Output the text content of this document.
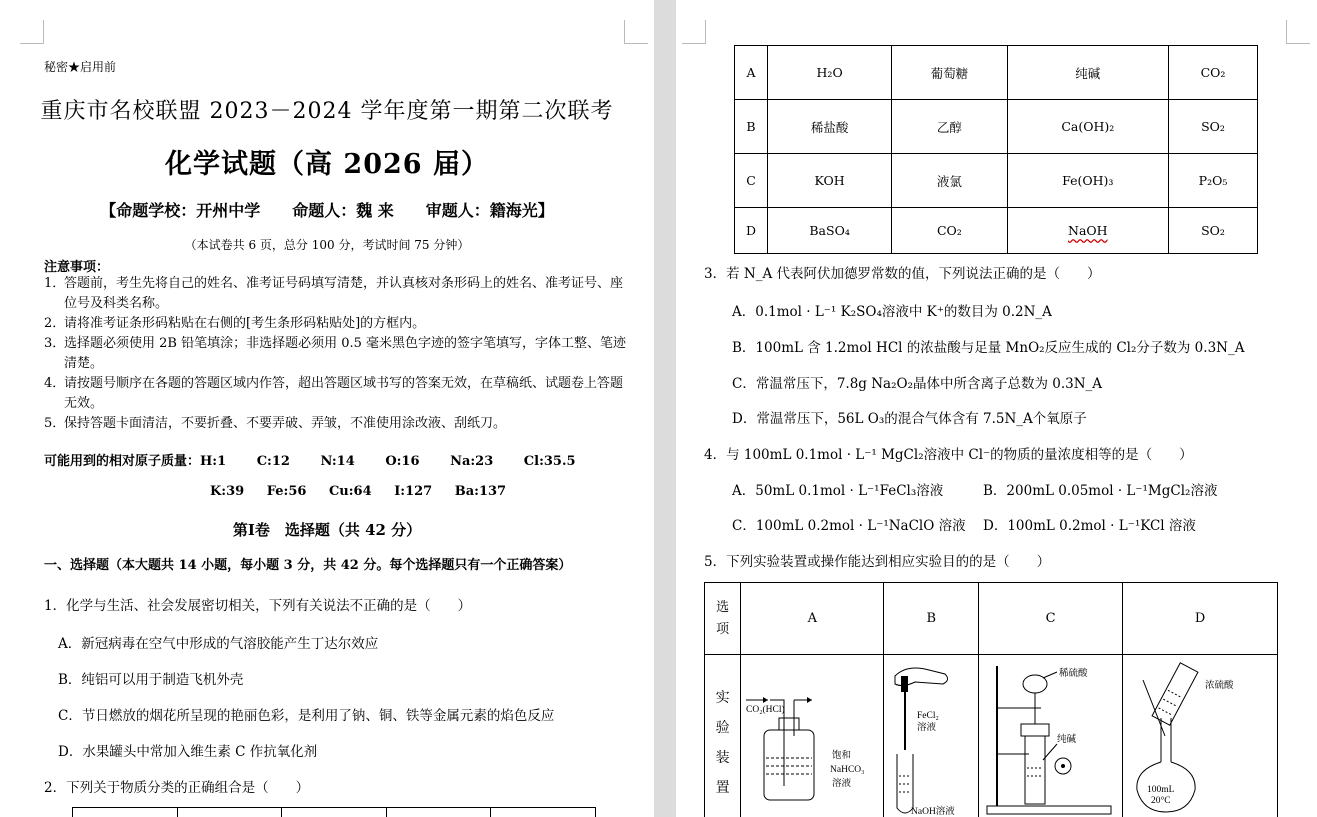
秘密★启用前
重庆市名校联盟 2023－2024 学年度第一期第二次联考
化学试题（高 2026 届）
【命题学校：开州中学　　命题人：魏 来　　审题人：籍海光】
（本试卷共 6 页，总分 100 分，考试时间 75 分钟）
注意事项：
1．
答题前，考生先将自己的姓名、准考证号码填写清楚，并认真核对条形码上的姓名、准考证号、座位号及科类名称。
2．
请将准考证条形码粘贴在右侧的[考生条形码粘贴处]的方框内。
3．
选择题必须使用 2B 铅笔填涂；非选择题必须用 0.5 毫米黑色字迹的签字笔填写，字体工整、笔迹清楚。
4．
请按题号顺序在各题的答题区域内作答，超出答题区域书写的答案无效，在草稿纸、试题卷上答题无效。
5．
保持答题卡面清洁，不要折叠、不要弄破、弄皱，不准使用涂改液、刮纸刀。
可能用到的相对原子质量：H:1 C:12 N:14 O:16 Na:23 Cl:35.5
K:39 Fe:56 Cu:64 I:127 Ba:137
第Ⅰ卷　选择题（共 42 分）
一、选择题（本大题共 14 小题，每小题 3 分，共 42 分。每个选择题只有一个正确答案）
1．化学与生活、社会发展密切相关，下列有关说法不正确的是（　　）
A．新冠病毒在空气中形成的气溶胶能产生丁达尔效应
B．纯铝可以用于制造飞机外壳
C．节日燃放的烟花所呈现的艳丽色彩，是利用了钠、铜、铁等金属元素的焰色反应
D．水果罐头中常加入维生素 C 作抗氧化剂
2．下列关于物质分类的正确组合是（　　）
A	H₂O	葡萄糖	纯碱	CO₂
B	稀盐酸	乙醇	Ca(OH)₂	SO₂
C	KOH	液氯	Fe(OH)₃	P₂O₅
D	BaSO₄	CO₂	NaOH	SO₂
3．若 N_A 代表阿伏加德罗常数的值，下列说法正确的是（　　）
A．0.1mol · L⁻¹ K₂SO₄溶液中 K⁺的数目为 0.2N_A
B．100mL 含 1.2mol HCl 的浓盐酸与足量 MnO₂反应生成的 Cl₂分子数为 0.3N_A
C．常温常压下，7.8g Na₂O₂晶体中所含离子总数为 0.3N_A
D．常温常压下，56L O₃的混合气体含有 7.5N_A个氧原子
4．与 100mL 0.1mol · L⁻¹ MgCl₂溶液中 Cl⁻的物质的量浓度相等的是（　　）
A．50mL 0.1mol · L⁻¹FeCl₃溶液	B．200mL 0.05mol · L⁻¹MgCl₂溶液
C．100mL 0.2mol · L⁻¹NaClO 溶液 D．100mL 0.2mol · L⁻¹KCl 溶液
5．下列实验装置或操作能达到相应实验目的的是（　　）
选项	A	B	C	D
实验装置	CO₂(HCl)
饱和
NaHCO₃
溶液	FeCl₂
溶液
NaOH溶液	稀硫酸
纯碱	浓硫酸
100mL
20°C
